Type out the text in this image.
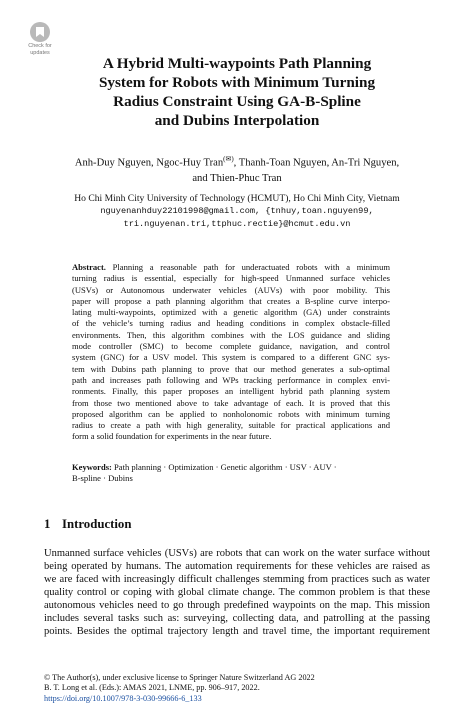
Check for
updates
A Hybrid Multi-waypoints Path Planning
System for Robots with Minimum Turning
Radius Constraint Using GA-B-Spline
and Dubins Interpolation
Anh-Duy Nguyen, Ngoc-Huy Tran(✉), Thanh-Toan Nguyen, An-Tri Nguyen,
and Thien-Phuc Tran
Ho Chi Minh City University of Technology (HCMUT), Ho Chi Minh City, Vietnam
nguyenanhduy22101998@gmail.com, {tnhuy,toan.nguyen99,
tri.nguyenan.tri,ttphuc.rectie}@hcmut.edu.vn
Abstract. Planning a reasonable path for underactuated robots with a minimum
turning radius is essential, especially for high-speed Unmanned surface vehicles
(USVs) or Autonomous underwater vehicles (AUVs) with poor mobility. This
paper will propose a path planning algorithm that creates a B-spline curve interpo-
lating multi-waypoints, optimized with a genetic algorithm (GA) under constraints
of the vehicle’s turning radius and heading conditions in complex obstacle-filled
environments. Then, this algorithm combines with the LOS guidance and sliding
mode controller (SMC) to become complete guidance, navigation, and control
system (GNC) for a USV model. This system is compared to a different GNC sys-
tem with Dubins path planning to prove that our method generates a sub-optimal
path and increases path following and WPs tracking performance in complex envi-
ronments. Finally, this paper proposes an intelligent hybrid path planning system
from those two mentioned above to take advantage of each. It is proved that this
proposed algorithm can be applied to nonholonomic robots with minimum turning
radius to create a path with high generality, suitable for practical applications and
form a solid foundation for experiments in the near future.
Keywords: Path planning · Optimization · Genetic algorithm · USV · AUV ·
B-spline · Dubins
1 Introduction
Unmanned surface vehicles (USVs) are robots that can work on the water surface without
being operated by humans. The automation requirements for these vehicles are raised as
we are faced with increasingly difficult challenges stemming from practices such as water
quality control or coping with global climate change. The common problem is that these
autonomous vehicles need to go through predefined waypoints on the map. This mission
includes several tasks such as: surveying, collecting data, and patrolling at the passing
points. Besides the optimal trajectory length and travel time, the important requirement
© The Author(s), under exclusive license to Springer Nature Switzerland AG 2022
B. T. Long et al. (Eds.): AMAS 2021, LNME, pp. 906–917, 2022.
https://doi.org/10.1007/978-3-030-99666-6_133
